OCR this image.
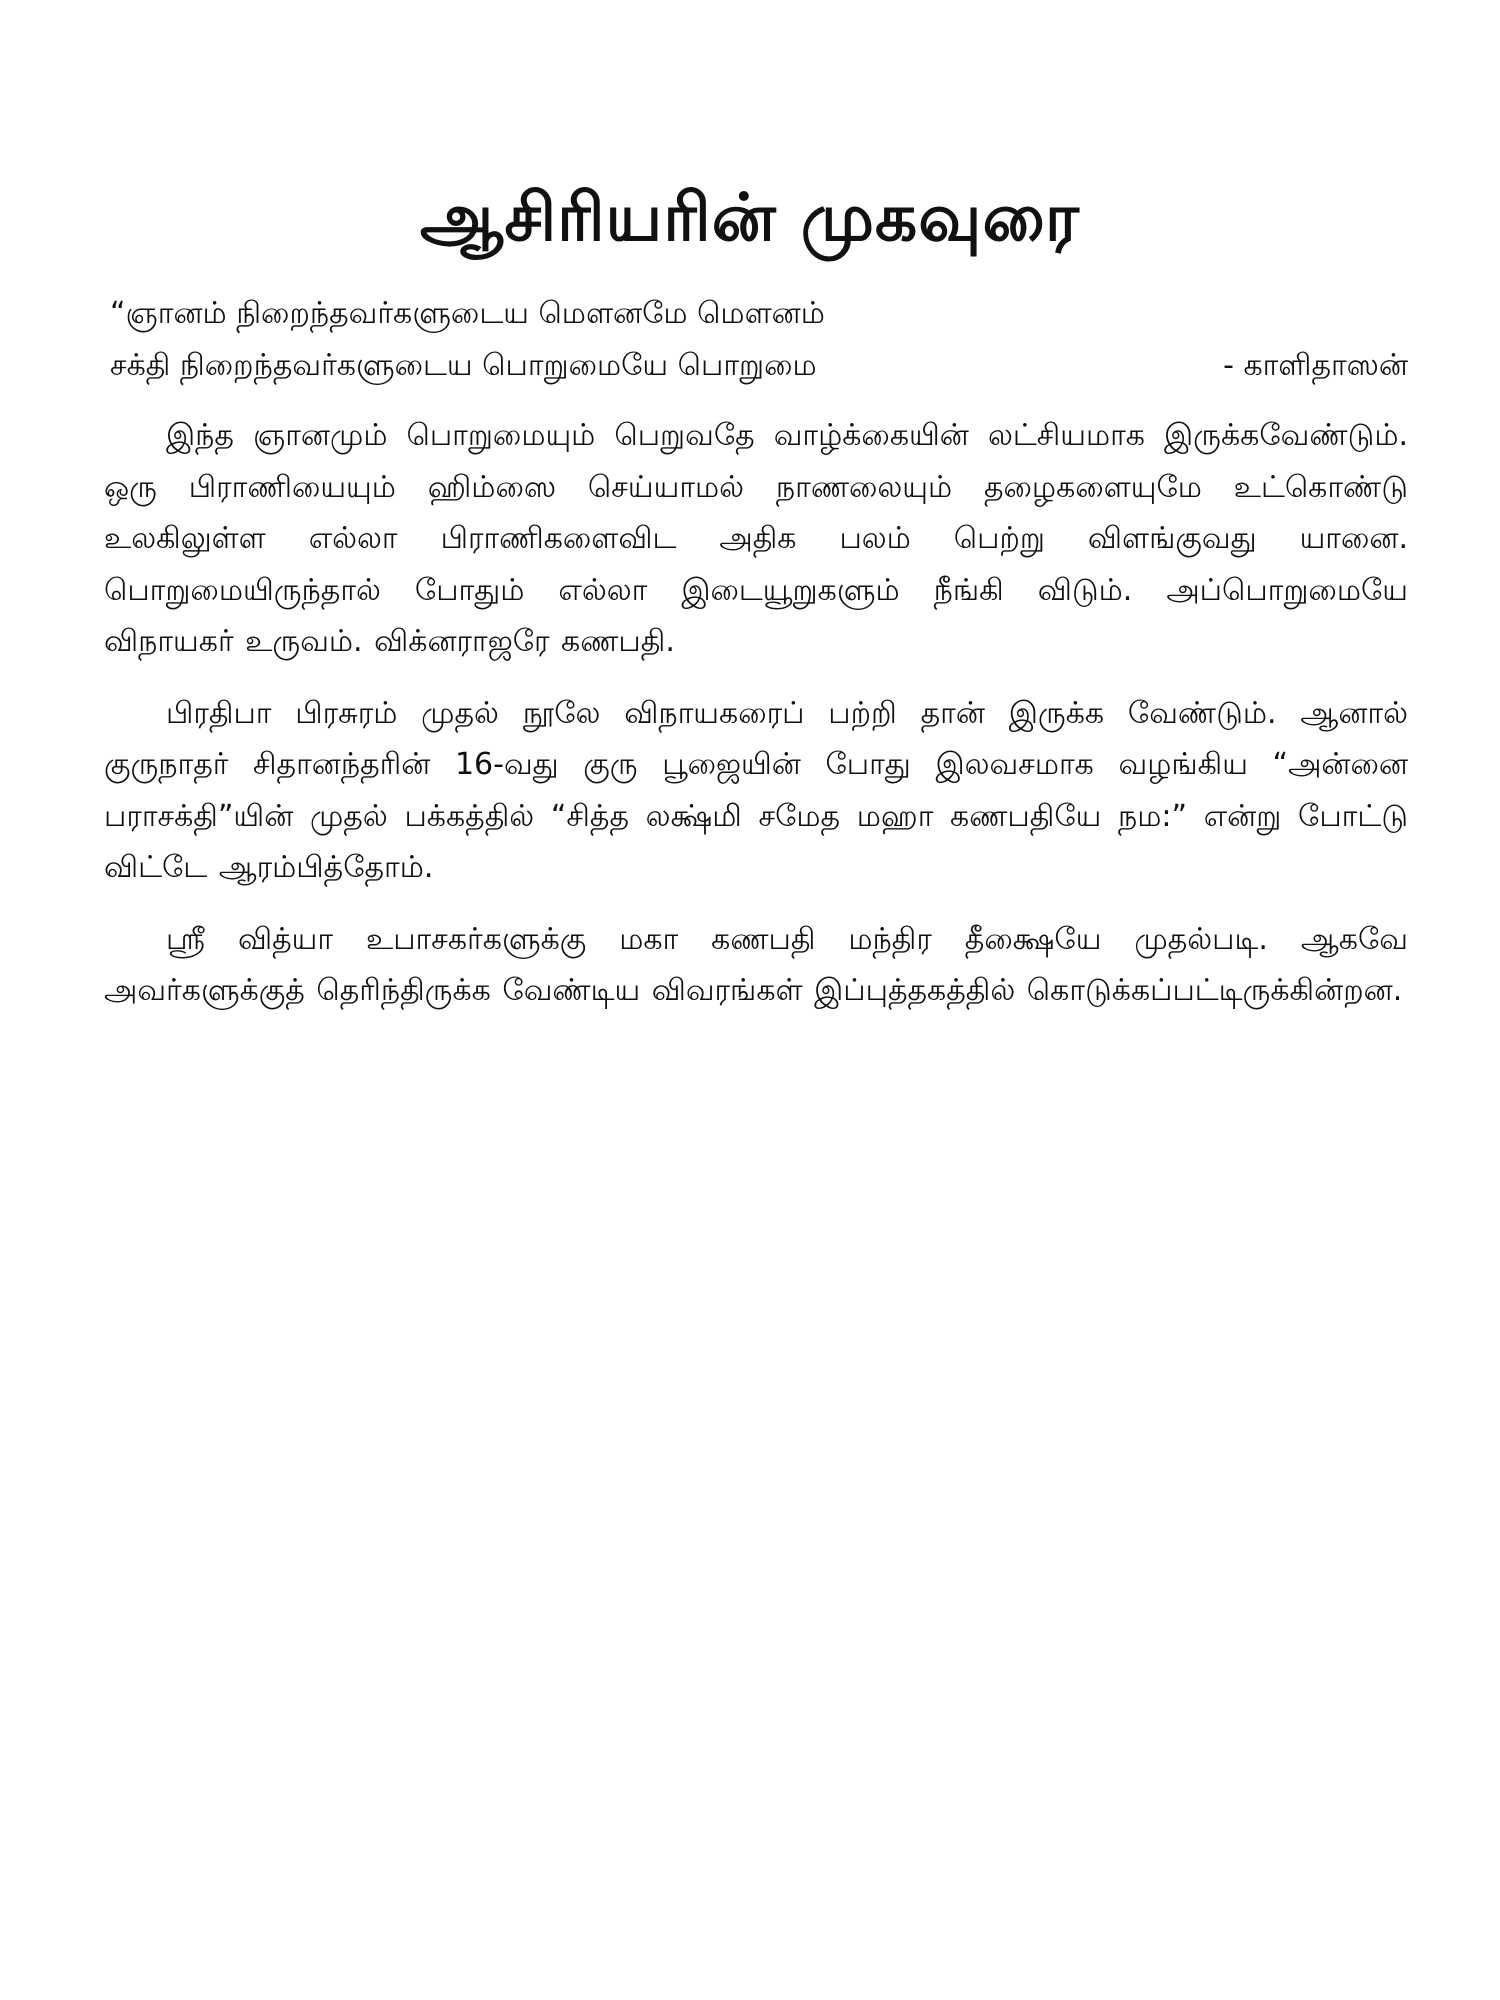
ஆசிரியரின் முகவுரை
“ஞானம் நிறைந்தவர்களுடைய மௌனமே மௌனம்
சக்தி நிறைந்தவர்களுடைய பொறுமையே பொறுமை	- காளிதாஸன்

இந்த ஞானமும் பொறுமையும் பெறுவதே வாழ்க்கையின் லட்சியமாக இருக்கவேண்டும். ஒரு பிராணியையும் ஹிம்ஸை செய்யாமல் நாணலையும் தழைகளையுமே உட்கொண்டு உலகிலுள்ள எல்லா பிராணிகளைவிட அதிக பலம் பெற்று விளங்குவது யானை. பொறுமையிருந்தால் போதும் எல்லா இடையூறுகளும் நீங்கி விடும். அப்பொறுமையே விநாயகர் உருவம். விக்னராஜரே கணபதி.

பிரதிபா பிரசுரம் முதல் நூலே விநாயகரைப் பற்றி தான் இருக்க வேண்டும். ஆனால் குருநாதர் சிதானந்தரின் 16-வது குரு பூஜையின் போது இலவசமாக வழங்கிய “அன்னை பராசக்தி”யின் முதல் பக்கத்தில் “சித்த லக்ஷ்மி சமேத மஹா கணபதியே நம:” என்று போட்டு விட்டே ஆரம்பித்தோம்.

ஸ்ரீ வித்யா உபாசகர்களுக்கு மகா கணபதி மந்திர தீக்ஷையே முதல்படி. ஆகவே அவர்களுக்குத் தெரிந்திருக்க வேண்டிய விவரங்கள் இப்புத்தகத்தில் கொடுக்கப்பட்டிருக்கின்றன.
